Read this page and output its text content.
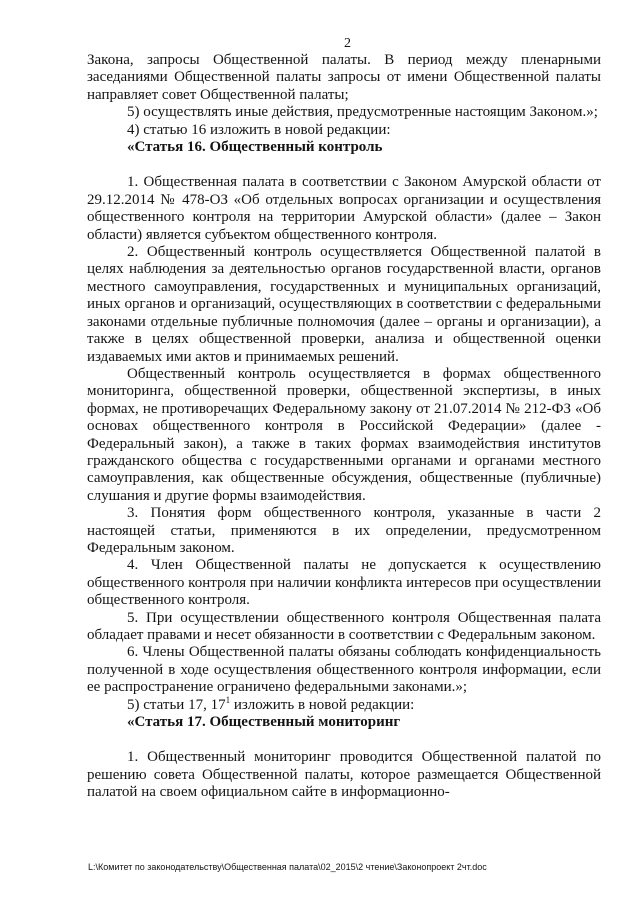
2

Закона, запросы Общественной палаты. В период между пленарными заседаниями Общественной палаты запросы от имени Общественной палаты направляет совет Общественной палаты;

5) осуществлять иные действия, предусмотренные настоящим Законом.»;

4) статью 16 изложить в новой редакции:

«Статья 16. Общественный контроль

1. Общественная палата в соответствии с Законом Амурской области от 29.12.2014 № 478-ОЗ «Об отдельных вопросах организации и осуществления общественного контроля на территории Амурской области» (далее – Закон области) является субъектом общественного контроля.

2. Общественный контроль осуществляется Общественной палатой в целях наблюдения за деятельностью органов государственной власти, органов местного самоуправления, государственных и муниципальных организаций, иных органов и организаций, осуществляющих в соответствии с федеральными законами отдельные публичные полномочия (далее – органы и организации), а также в целях общественной проверки, анализа и общественной оценки издаваемых ими актов и принимаемых решений.

Общественный контроль осуществляется в формах общественного мониторинга, общественной проверки, общественной экспертизы, в иных формах, не противоречащих Федеральному закону от 21.07.2014 № 212-ФЗ «Об основах общественного контроля в Российской Федерации» (далее - Федеральный закон), а также в таких формах взаимодействия институтов гражданского общества с государственными органами и органами местного самоуправления, как общественные обсуждения, общественные (публичные) слушания и другие формы взаимодействия.

3. Понятия форм общественного контроля, указанные в части 2 настоящей статьи, применяются в их определении, предусмотренном Федеральным законом.

4. Член Общественной палаты не допускается к осуществлению общественного контроля при наличии конфликта интересов при осуществлении общественного контроля.

5. При осуществлении общественного контроля Общественная палата обладает правами и несет обязанности в соответствии с Федеральным законом.

6. Члены Общественной палаты обязаны соблюдать конфиденциальность полученной в ходе осуществления общественного контроля информации, если ее распространение ограничено федеральными законами.»;

5) статьи 17, $17^1$ изложить в новой редакции:

«Статья 17. Общественный мониторинг

1. Общественный мониторинг проводится Общественной палатой по решению совета Общественной палаты, которое размещается Общественной палатой на своем официальном сайте в информационно-

L:\Комитет по законодательству\Общественная палата\02_2015\2 чтение\Законопроект 2чт.doc
